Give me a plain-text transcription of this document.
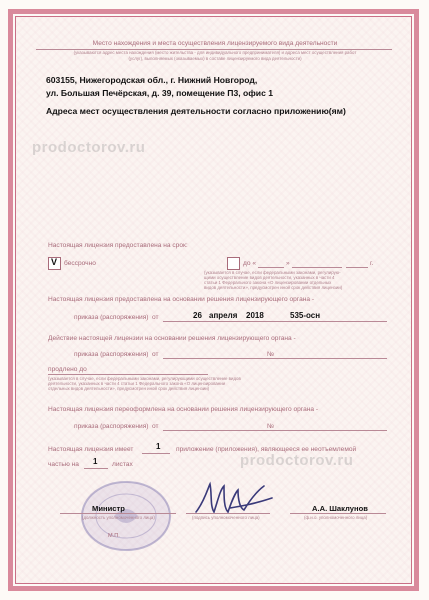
Место нахождения и места осуществления лицензируемого вида деятельности
(указываются адрес места нахождения (место жительства - для индивидуального предпринимателя) и адреса мест осуществления работ
(услуг), выполняемых (оказываемых) в составе лицензируемого вида деятельности)
603155, Нижегородская обл., г. Нижний Новгород,
ул. Большая Печёрская, д. 39, помещение П3, офис 1
Адреса мест осуществления деятельности согласно приложению(ям)
prodoctorov.ru
Настоящая лицензия предоставлена на срок:
V бессрочно	до «	»	г.
(указывается в случае, если федеральными законами, регулирую-
щими осуществление видов деятельности, указанных в части 4
статьи 1 Федерального закона «О лицензировании отдельных
видов деятельности», предусмотрен иной срок действия лицензии)
Настоящая лицензия предоставлена на основании решения лицензирующего органа -
приказа (распоряжения) от	26 апреля 2018	535-осн
Действие настоящей лицензии на основании решения лицензирующего органа -
приказа (распоряжения) от	№
продлено до
(указывается в случае, если федеральными законами, регулирующими осуществление видов
деятельности, указанных в части 4 статьи 1 Федерального закона «О лицензировании
отдельных видов деятельности», предусмотрен иной срок действия лицензии)
Настоящая лицензия переоформлена на основании решения лицензирующего органа -
приказа (распоряжения) от	№
Настоящая лицензия имеет	1 приложение (приложения), являющееся ее неотъемлемой
частью на 1 листах	prodoctorov.ru
Министр
(должность уполномоченного лица)	(подпись уполномоченного лица)
А.А. Шаклунов
(ф.и.о. уполномоченного лица)
М.П.
